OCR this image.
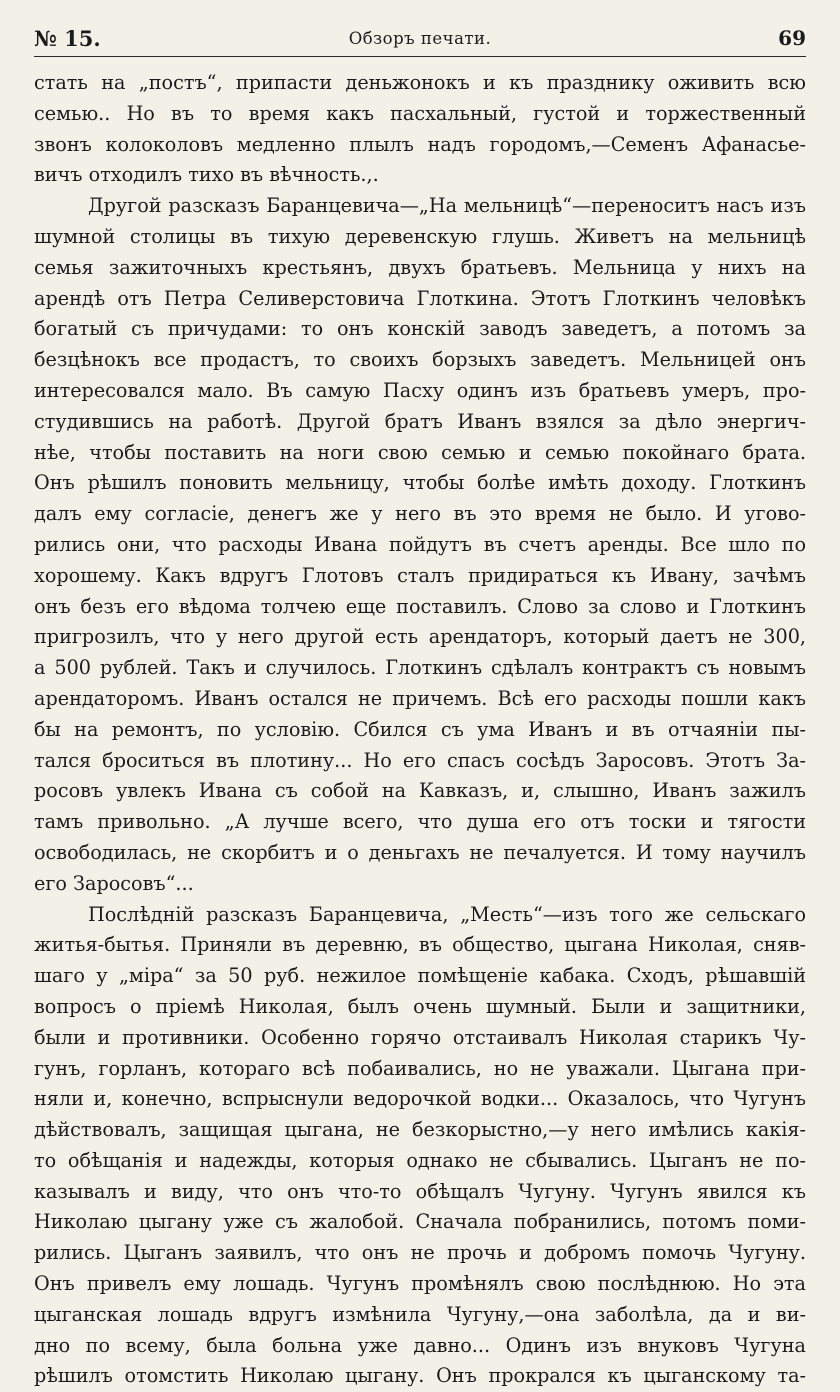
№ 15.	Обзоръ печати.	69
стать на „постъ“, припасти деньжонокъ и къ празднику оживить всю
семью.. Но въ то время какъ пасхальный, густой и торжественный
звонъ колоколовъ медленно плылъ надъ городомъ,—Семенъ Афанасье-
вичъ отходилъ тихо въ вѣчность.,.
Другой разсказъ Баранцевича—„На мельницѣ“—переноситъ насъ изъ
шумной столицы въ тихую деревенскую глушь. Живетъ на мельницѣ
семья зажиточныхъ крестьянъ, двухъ братьевъ. Мельница у нихъ на
арендѣ отъ Петра Селиверстовича Глоткина. Этотъ Глоткинъ человѣкъ
богатый съ причудами: то онъ конскій заводъ заведетъ, а потомъ за
безцѣнокъ все продастъ, то своихъ борзыхъ заведетъ. Мельницей онъ
интересовался мало. Въ самую Пасху одинъ изъ братьевъ умеръ, про-
студившись на работѣ. Другой братъ Иванъ взялся за дѣло энергич-
нѣе, чтобы поставить на ноги свою семью и семью покойнаго брата.
Онъ рѣшилъ поновить мельницу, чтобы болѣе имѣть доходу. Глоткинъ
далъ ему согласіе, денегъ же у него въ это время не было. И угово-
рились они, что расходы Ивана пойдутъ въ счетъ аренды. Все шло по
хорошему. Какъ вдругъ Глотовъ сталъ придираться къ Ивану, зачѣмъ
онъ безъ его вѣдома толчею еще поставилъ. Слово за слово и Глоткинъ
пригрозилъ, что у него другой есть арендаторъ, который даетъ не 300,
а 500 рублей. Такъ и случилось. Глоткинъ сдѣлалъ контрактъ съ новымъ
арендаторомъ. Иванъ остался не причемъ. Всѣ его расходы пошли какъ
бы на ремонтъ, по условію. Сбился съ ума Иванъ и въ отчаяніи пы-
тался броситься въ плотину... Но его спасъ сосѣдъ Заросовъ. Этотъ За-
росовъ увлекъ Ивана съ собой на Кавказъ, и, слышно, Иванъ зажилъ
тамъ привольно. „А лучше всего, что душа его отъ тоски и тягости
освободилась, не скорбитъ и о деньгахъ не печалуется. И тому научилъ
его Заросовъ“...
Послѣдній разсказъ Баранцевича, „Месть“—изъ того же сельскаго
житья-бытья. Приняли въ деревню, въ общество, цыгана Николая, сняв-
шаго у „міра“ за 50 руб. нежилое помѣщеніе кабака. Сходъ, рѣшавшій
вопросъ о пріемѣ Николая, былъ очень шумный. Были и защитники,
были и противники. Особенно горячо отстаивалъ Николая старикъ Чу-
гунъ, горланъ, котораго всѣ побаивались, но не уважали. Цыгана при-
няли и, конечно, вспрыснули ведорочкой водки... Оказалось, что Чугунъ
дѣйствовалъ, защищая цыгана, не безкорыстно,—у него имѣлись какія-
то обѣщанія и надежды, которыя однако не сбывались. Цыганъ не по-
казывалъ и виду, что онъ что-то обѣщалъ Чугуну. Чугунъ явился къ
Николаю цыгану уже съ жалобой. Сначала побранились, потомъ поми-
рились. Цыганъ заявилъ, что онъ не прочь и добромъ помочь Чугуну.
Онъ привелъ ему лошадь. Чугунъ промѣнялъ свою послѣднюю. Но эта
цыганская лошадь вдругъ измѣнила Чугуну,—она заболѣла, да и ви-
дно по всему, была больна уже давно... Одинъ изъ внуковъ Чугуна
рѣшилъ отомстить Николаю цыгану. Онъ прокрался къ цыганскому та-
